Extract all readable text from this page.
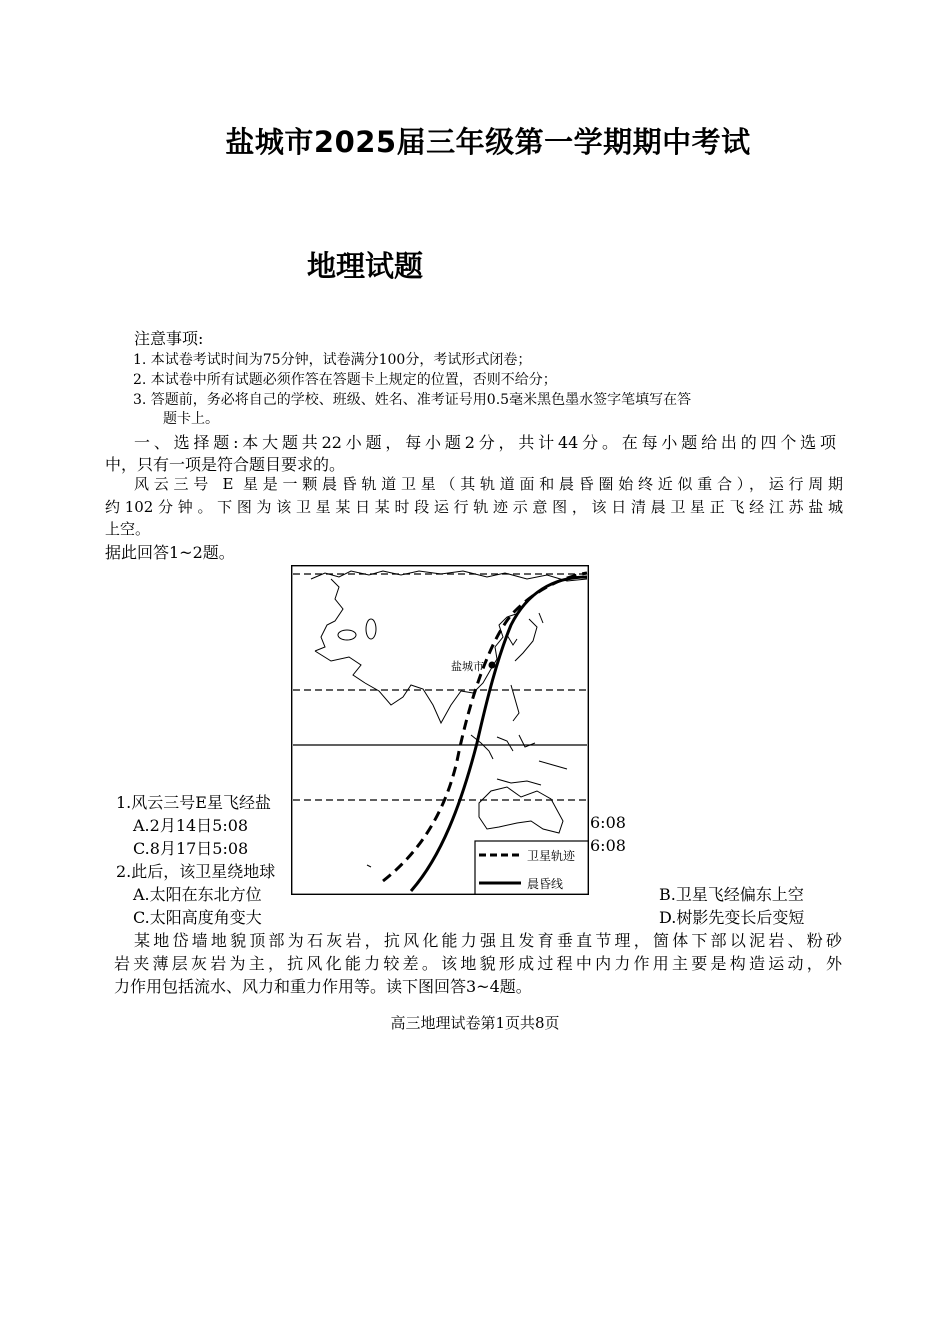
盐城市2025届三年级第一学期期中考试
地理试题
注意事项:
1. 本试卷考试时间为75分钟，试卷满分100分，考试形式闭卷；
2. 本试卷中所有试题必须作答在答题卡上规定的位置，否则不给分；
3. 答题前，务必将自己的学校、班级、姓名、准考证号用0.5毫米黑色墨水签字笔填写在答
题卡上。
一、选择题:本大题共22小题，每小题2分，共计44分。在每小题给出的四个选项
中，只有一项是符合题目要求的。
风云三号 E 星是一颗晨昏轨道卫星（其轨道面和晨昏圈始终近似重合），运行周期
约102分钟。下图为该卫星某日某时段运行轨迹示意图，该日清晨卫星正飞经江苏盐城
上空。
据此回答1~2题。
1.风云三号E星飞经盐
A.2月14日5:08	6:08
C.8月17日5:08	6:08
2.此后，该卫星绕地球
A.太阳在东北方位	B.卫星飞经偏东上空
C.太阳高度角变大	D.树影先变长后变短
盐城市
卫星轨迹
晨昏线
某地岱墙地貌顶部为石灰岩，抗风化能力强且发育垂直节理，箇体下部以泥岩、粉砂
岩夹薄层灰岩为主，抗风化能力较差。该地貌形成过程中内力作用主要是构造运动，外
力作用包括流水、风力和重力作用等。读下图回答3~4题。
高三地理试卷第1页共8页
